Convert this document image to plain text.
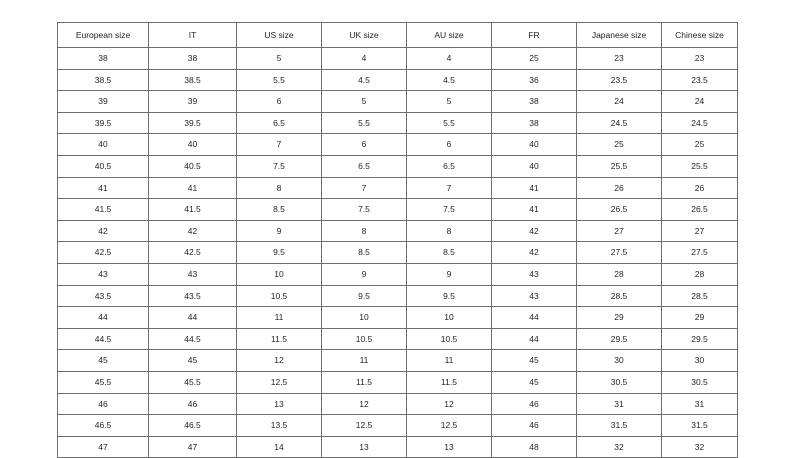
European size	IT	US size	UK size	AU size	FR	Japanese size	Chinese size
38	38	5	4	4	25	23	23
38.5	38.5	5.5	4.5	4.5	36	23.5	23.5
39	39	6	5	5	38	24	24
39.5	39.5	6.5	5.5	5.5	38	24.5	24.5
40	40	7	6	6	40	25	25
40.5	40.5	7.5	6.5	6.5	40	25.5	25.5
41	41	8	7	7	41	26	26
41.5	41.5	8.5	7.5	7.5	41	26.5	26.5
42	42	9	8	8	42	27	27
42.5	42.5	9.5	8.5	8.5	42	27.5	27.5
43	43	10	9	9	43	28	28
43.5	43.5	10.5	9.5	9.5	43	28.5	28.5
44	44	11	10	10	44	29	29
44.5	44.5	11.5	10.5	10.5	44	29.5	29.5
45	45	12	11	11	45	30	30
45.5	45.5	12.5	11.5	11.5	45	30.5	30.5
46	46	13	12	12	46	31	31
46.5	46.5	13.5	12.5	12.5	46	31.5	31.5
47	47	14	13	13	48	32	32
